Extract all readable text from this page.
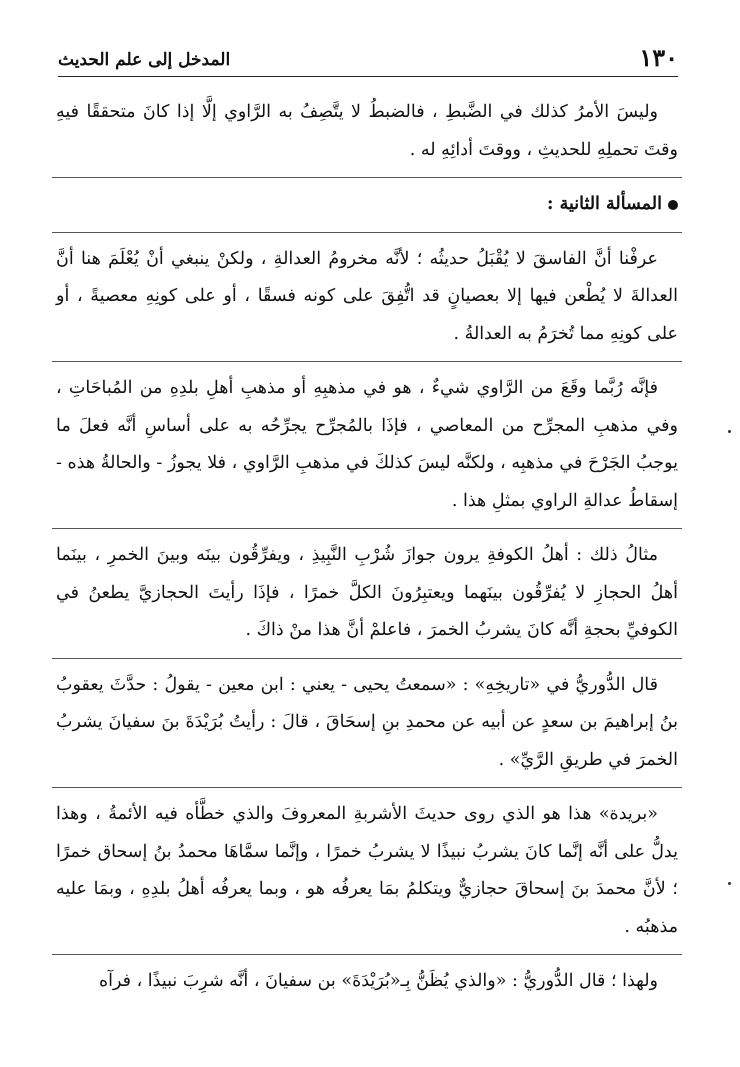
١٣٠
المدخل إلى علم الحديث

وليسَ الأمرُ كذلك في الضَّبطِ ، فالضبطُ لا يتَّصِفُ به الرَّاوي إلَّا إذا كانَ متحققًا فيهِ وقتَ تحملِهِ للحديثِ ، ووقتَ أدائِهِ له .

المسألة الثانية :

عرفْنا أنَّ الفاسقَ لا يُقْبَلُ حديثُه ؛ لأنَّه مخرومُ العدالةِ ، ولكنْ ينبغي أنْ يُعْلَمَ هنا أنَّ العدالةَ لا يُطْعن فيها إلا بعصيانٍ قد اتُّفِقَ على كونه فسقًا ، أو على كونِهِ معصيةً ، أو على كونِهِ مما تُخرَمُ به العدالةُ .

فإنَّه رُبَّما وقَعَ من الرَّاوي شيءٌ ، هو في مذهبِهِ أو مذهبِ أهلِ بلدِهِ من المُباحَاتِ ، وفي مذهبِ المجرِّح من المعاصي ، فإذَا بالمُجرِّح يجرِّحُه به على أساسِ أنَّه فعلَ ما يوجبُ الجَرْحَ في مذهبِه ، ولكنَّه ليسَ كذلكَ في مذهبِ الرَّاوي ، فلا يجوزُ - والحالةُ هذه - إسقاطُ عدالةِ الراوي بمثلِ هذا .

مثالُ ذلك : أهلُ الكوفةِ يرون جوازَ شُرْبِ النَّبِيذِ ، ويفرِّقُون بينَه وبينَ الخمرِ ، بينَما أهلُ الحجازِ لا يُفرِّقُون بينَهما ويعتبِرُونَ الكلَّ خمرًا ، فإذَا رأيتَ الحجازيَّ يطعنُ في الكوفيِّ بحجةِ أنَّه كانَ يشربُ الخمرَ ، فاعلمْ أنَّ هذا منْ ذاكَ .

قال الدُّوريُّ في «تاريخِهِ» : «سمعتُ يحيى - يعني : ابن معين - يقولُ : حدَّثَ يعقوبُ بنُ إبراهيمَ بن سعدٍ عن أبيه عن محمدِ بنِ إسحَاقَ ، قالَ : رأيتُ بُرَيْدَةَ بنَ سفيانَ يشربُ الخمرَ في طريقِ الرَّيِّ» .

«بريدة» هذا هو الذي روى حديثَ الأشربةِ المعروفَ والذي خطَّأه فيه الأئمةُ ، وهذا يدلُّ على أنَّه إنَّما كانَ يشربُ نبيذًا لا يشربُ خمرًا ، وإنَّما سمَّاهَا محمدُ بنُ إسحاق خمرًا ؛ لأنَّ محمدَ بنَ إسحاقَ حجازيٌّ ويتكلمُ بمَا يعرفُه هو ، وبما يعرفُه أهلُ بلدِهِ ، وبمَا عليه مذهبُه .

ولهذا ؛ قال الدُّوريُّ : «والذي يُظَنُّ بِـ«بُرَيْدَةَ» بن سفيانَ ، أنَّه شرِبَ نبيذًا ، فرآه
